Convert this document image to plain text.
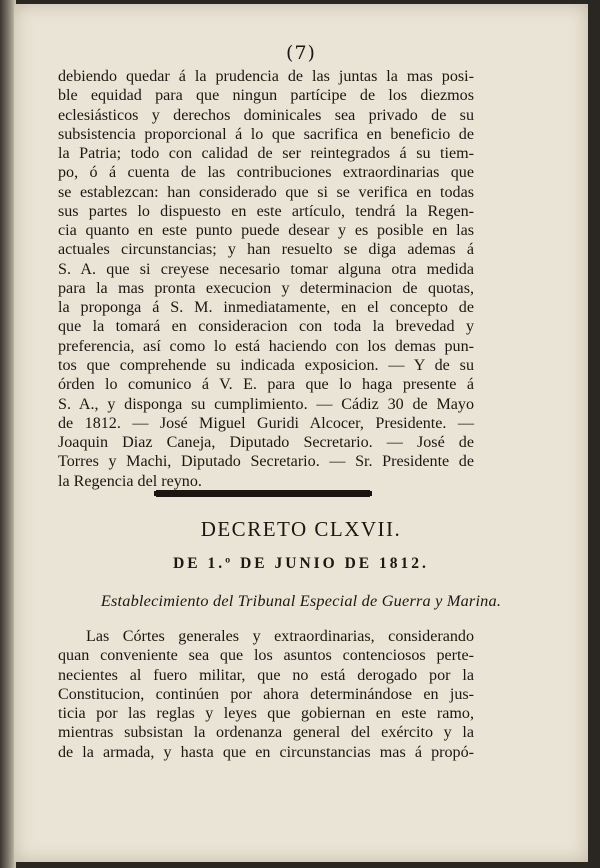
(7)
debiendo quedar á la prudencia de las juntas la mas posi-
ble equidad para que ningun partícipe de los diezmos
eclesiásticos y derechos dominicales sea privado de su
subsistencia proporcional á lo que sacrifica en beneficio de
la Patria; todo con calidad de ser reintegrados á su tiem-
po, ó á cuenta de las contribuciones extraordinarias que
se establezcan: han considerado que si se verifica en todas
sus partes lo dispuesto en este artículo, tendrá la Regen-
cia quanto en este punto puede desear y es posible en las
actuales circunstancias; y han resuelto se diga ademas á
S. A. que si creyese necesario tomar alguna otra medida
para la mas pronta execucion y determinacion de quotas,
la proponga á S. M. inmediatamente, en el concepto de
que la tomará en consideracion con toda la brevedad y
preferencia, así como lo está haciendo con los demas pun-
tos que comprehende su indicada exposicion. — Y de su
órden lo comunico á V. E. para que lo haga presente á
S. A., y disponga su cumplimiento. — Cádiz 30 de Mayo
de 1812. — José Miguel Guridi Alcocer, Presidente. —
Joaquin Diaz Caneja, Diputado Secretario. — José de
Torres y Machi, Diputado Secretario. — Sr. Presidente de
la Regencia del reyno.
DECRETO CLXVII.
DE 1.º DE JUNIO DE 1812.
Establecimiento del Tribunal Especial de Guerra y Marina.
Las Córtes generales y extraordinarias, considerando
quan conveniente sea que los asuntos contenciosos perte-
necientes al fuero militar, que no está derogado por la
Constitucion, continúen por ahora determinándose en jus-
ticia por las reglas y leyes que gobiernan en este ramo,
mientras subsistan la ordenanza general del exército y la
de la armada, y hasta que en circunstancias mas á propó-
